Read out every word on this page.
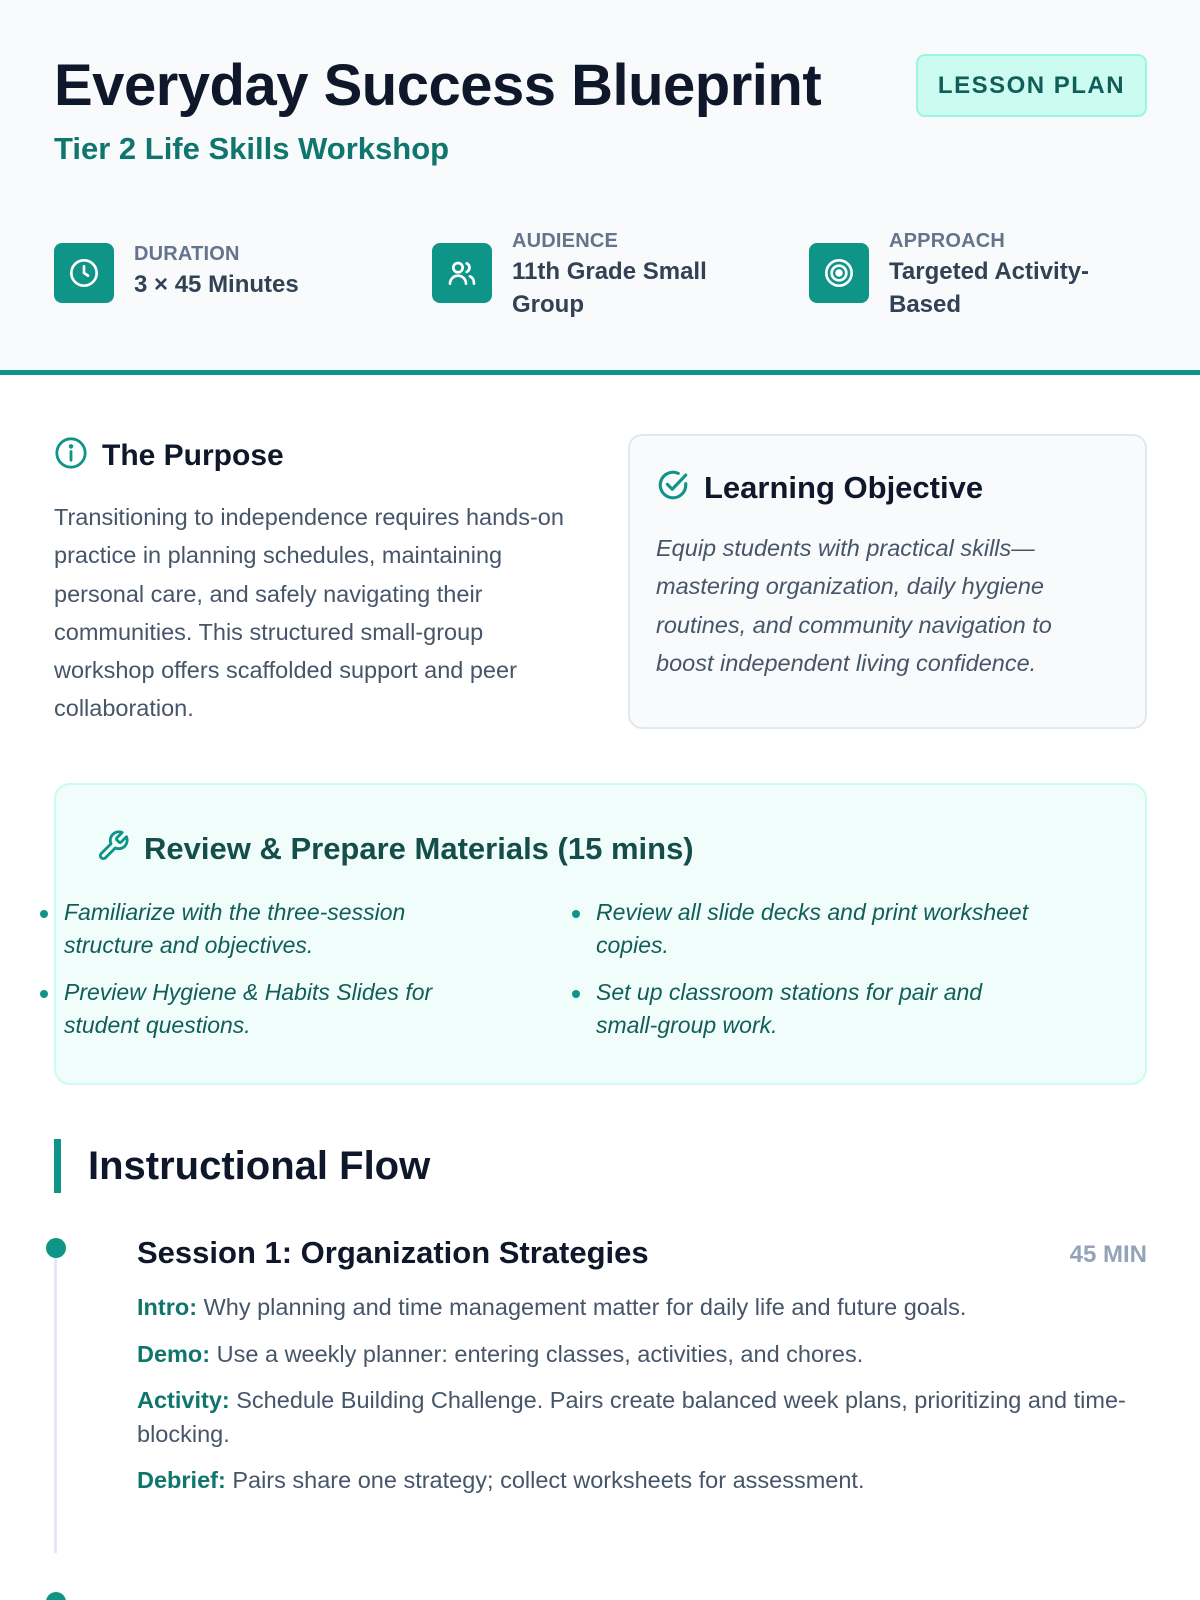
Everyday Success Blueprint
Tier 2 Life Skills Workshop
LESSON PLAN
DURATION
3 × 45 Minutes
AUDIENCE
11th Grade Small Group
APPROACH
Targeted Activity-Based
The Purpose

Transitioning to independence requires hands-on practice in planning schedules, maintaining personal care, and safely navigating their communities. This structured small-group workshop offers scaffolded support and peer collaboration.

Learning Objective

Equip students with practical skills—mastering organization, daily hygiene routines, and community navigation to boost independent living confidence.

Review & Prepare Materials (15 mins)
Familiarize with the three-session structure and objectives.
Preview Hygiene & Habits Slides for student questions.
Review all slide decks and print worksheet copies.
Set up classroom stations for pair and small-group work.
Instructional Flow
Session 1: Organization Strategies	45 MIN

Intro: Why planning and time management matter for daily life and future goals.

Demo: Use a weekly planner: entering classes, activities, and chores.

Activity: Schedule Building Challenge. Pairs create balanced week plans, prioritizing and time-blocking.

Debrief: Pairs share one strategy; collect worksheets for assessment.
